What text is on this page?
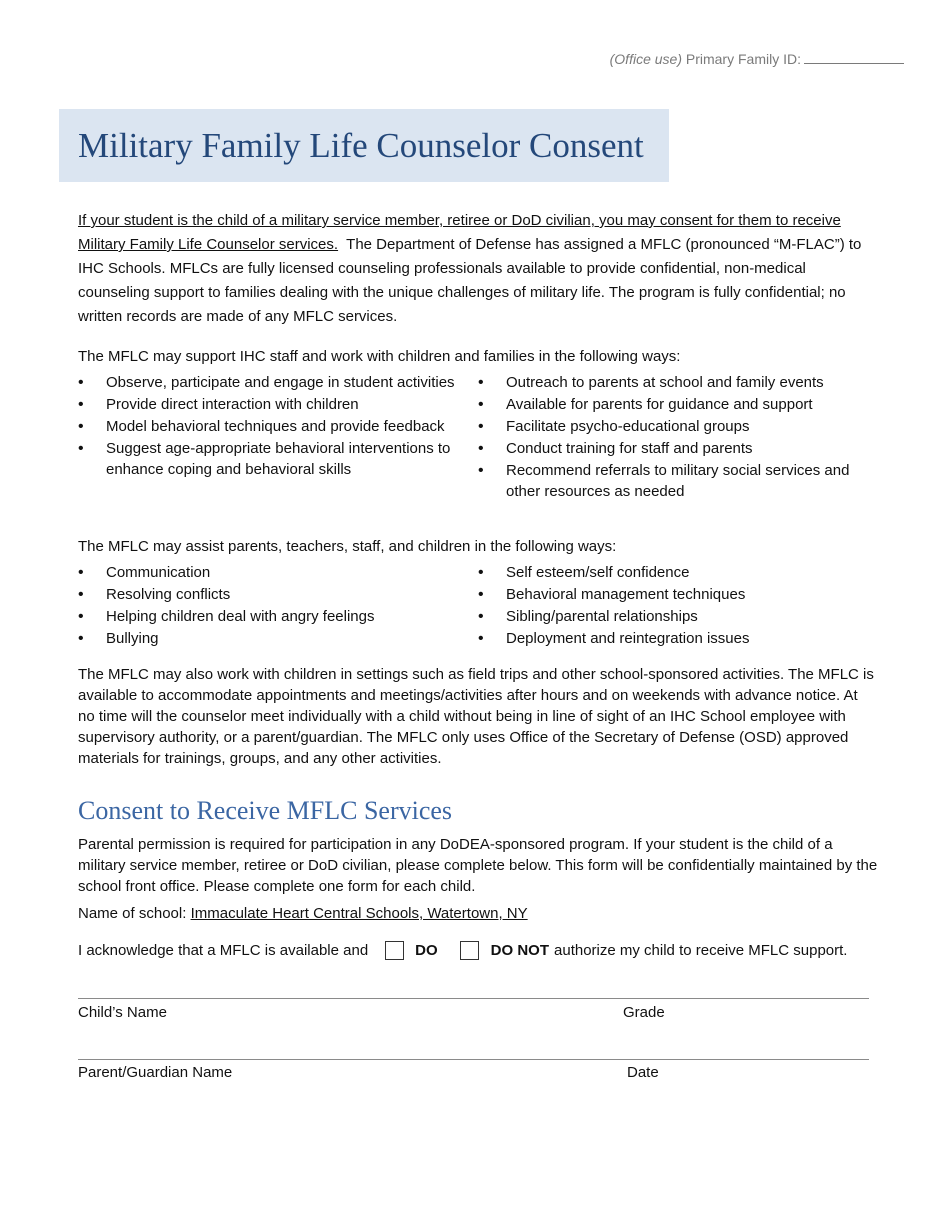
(Office use) Primary Family ID:
Military Family Life Counselor Consent
If your student is the child of a military service member, retiree or DoD civilian, you may consent for them to receive Military Family Life Counselor services. The Department of Defense has assigned a MFLC (pronounced “M-FLAC”) to IHC Schools. MFLCs are fully licensed counseling professionals available to provide confidential, non-medical counseling support to families dealing with the unique challenges of military life. The program is fully confidential; no written records are made of any MFLC services.

The MFLC may support IHC staff and work with children and families in the following ways:

• Observe, participate and engage in student activities
• Provide direct interaction with children
• Model behavioral techniques and provide feedback
• Suggest age-appropriate behavioral interventions to enhance coping and behavioral skills
• Outreach to parents at school and family events
• Available for parents for guidance and support
• Facilitate psycho-educational groups
• Conduct training for staff and parents
• Recommend referrals to military social services and other resources as needed

The MFLC may assist parents, teachers, staff, and children in the following ways:

• Communication
• Resolving conflicts
• Helping children deal with angry feelings
• Bullying
• Self esteem/self confidence
• Behavioral management techniques
• Sibling/parental relationships
• Deployment and reintegration issues

The MFLC may also work with children in settings such as field trips and other school-sponsored activities. The MFLC is available to accommodate appointments and meetings/activities after hours and on weekends with advance notice. At no time will the counselor meet individually with a child without being in line of sight of an IHC School employee with supervisory authority, or a parent/guardian. The MFLC only uses Office of the Secretary of Defense (OSD) approved materials for trainings, groups, and any other activities.

Consent to Receive MFLC Services

Parental permission is required for participation in any DoDEA-sponsored program. If your student is the child of a military service member, retiree or DoD civilian, please complete below. This form will be confidentially maintained by the school front office. Please complete one form for each child.

Name of school: Immaculate Heart Central Schools, Watertown, NY
I acknowledge that a MFLC is available and	DO	DO NOT authorize my child to receive MFLC support.
Child’s Name	Grade
Parent/Guardian Name	Date
